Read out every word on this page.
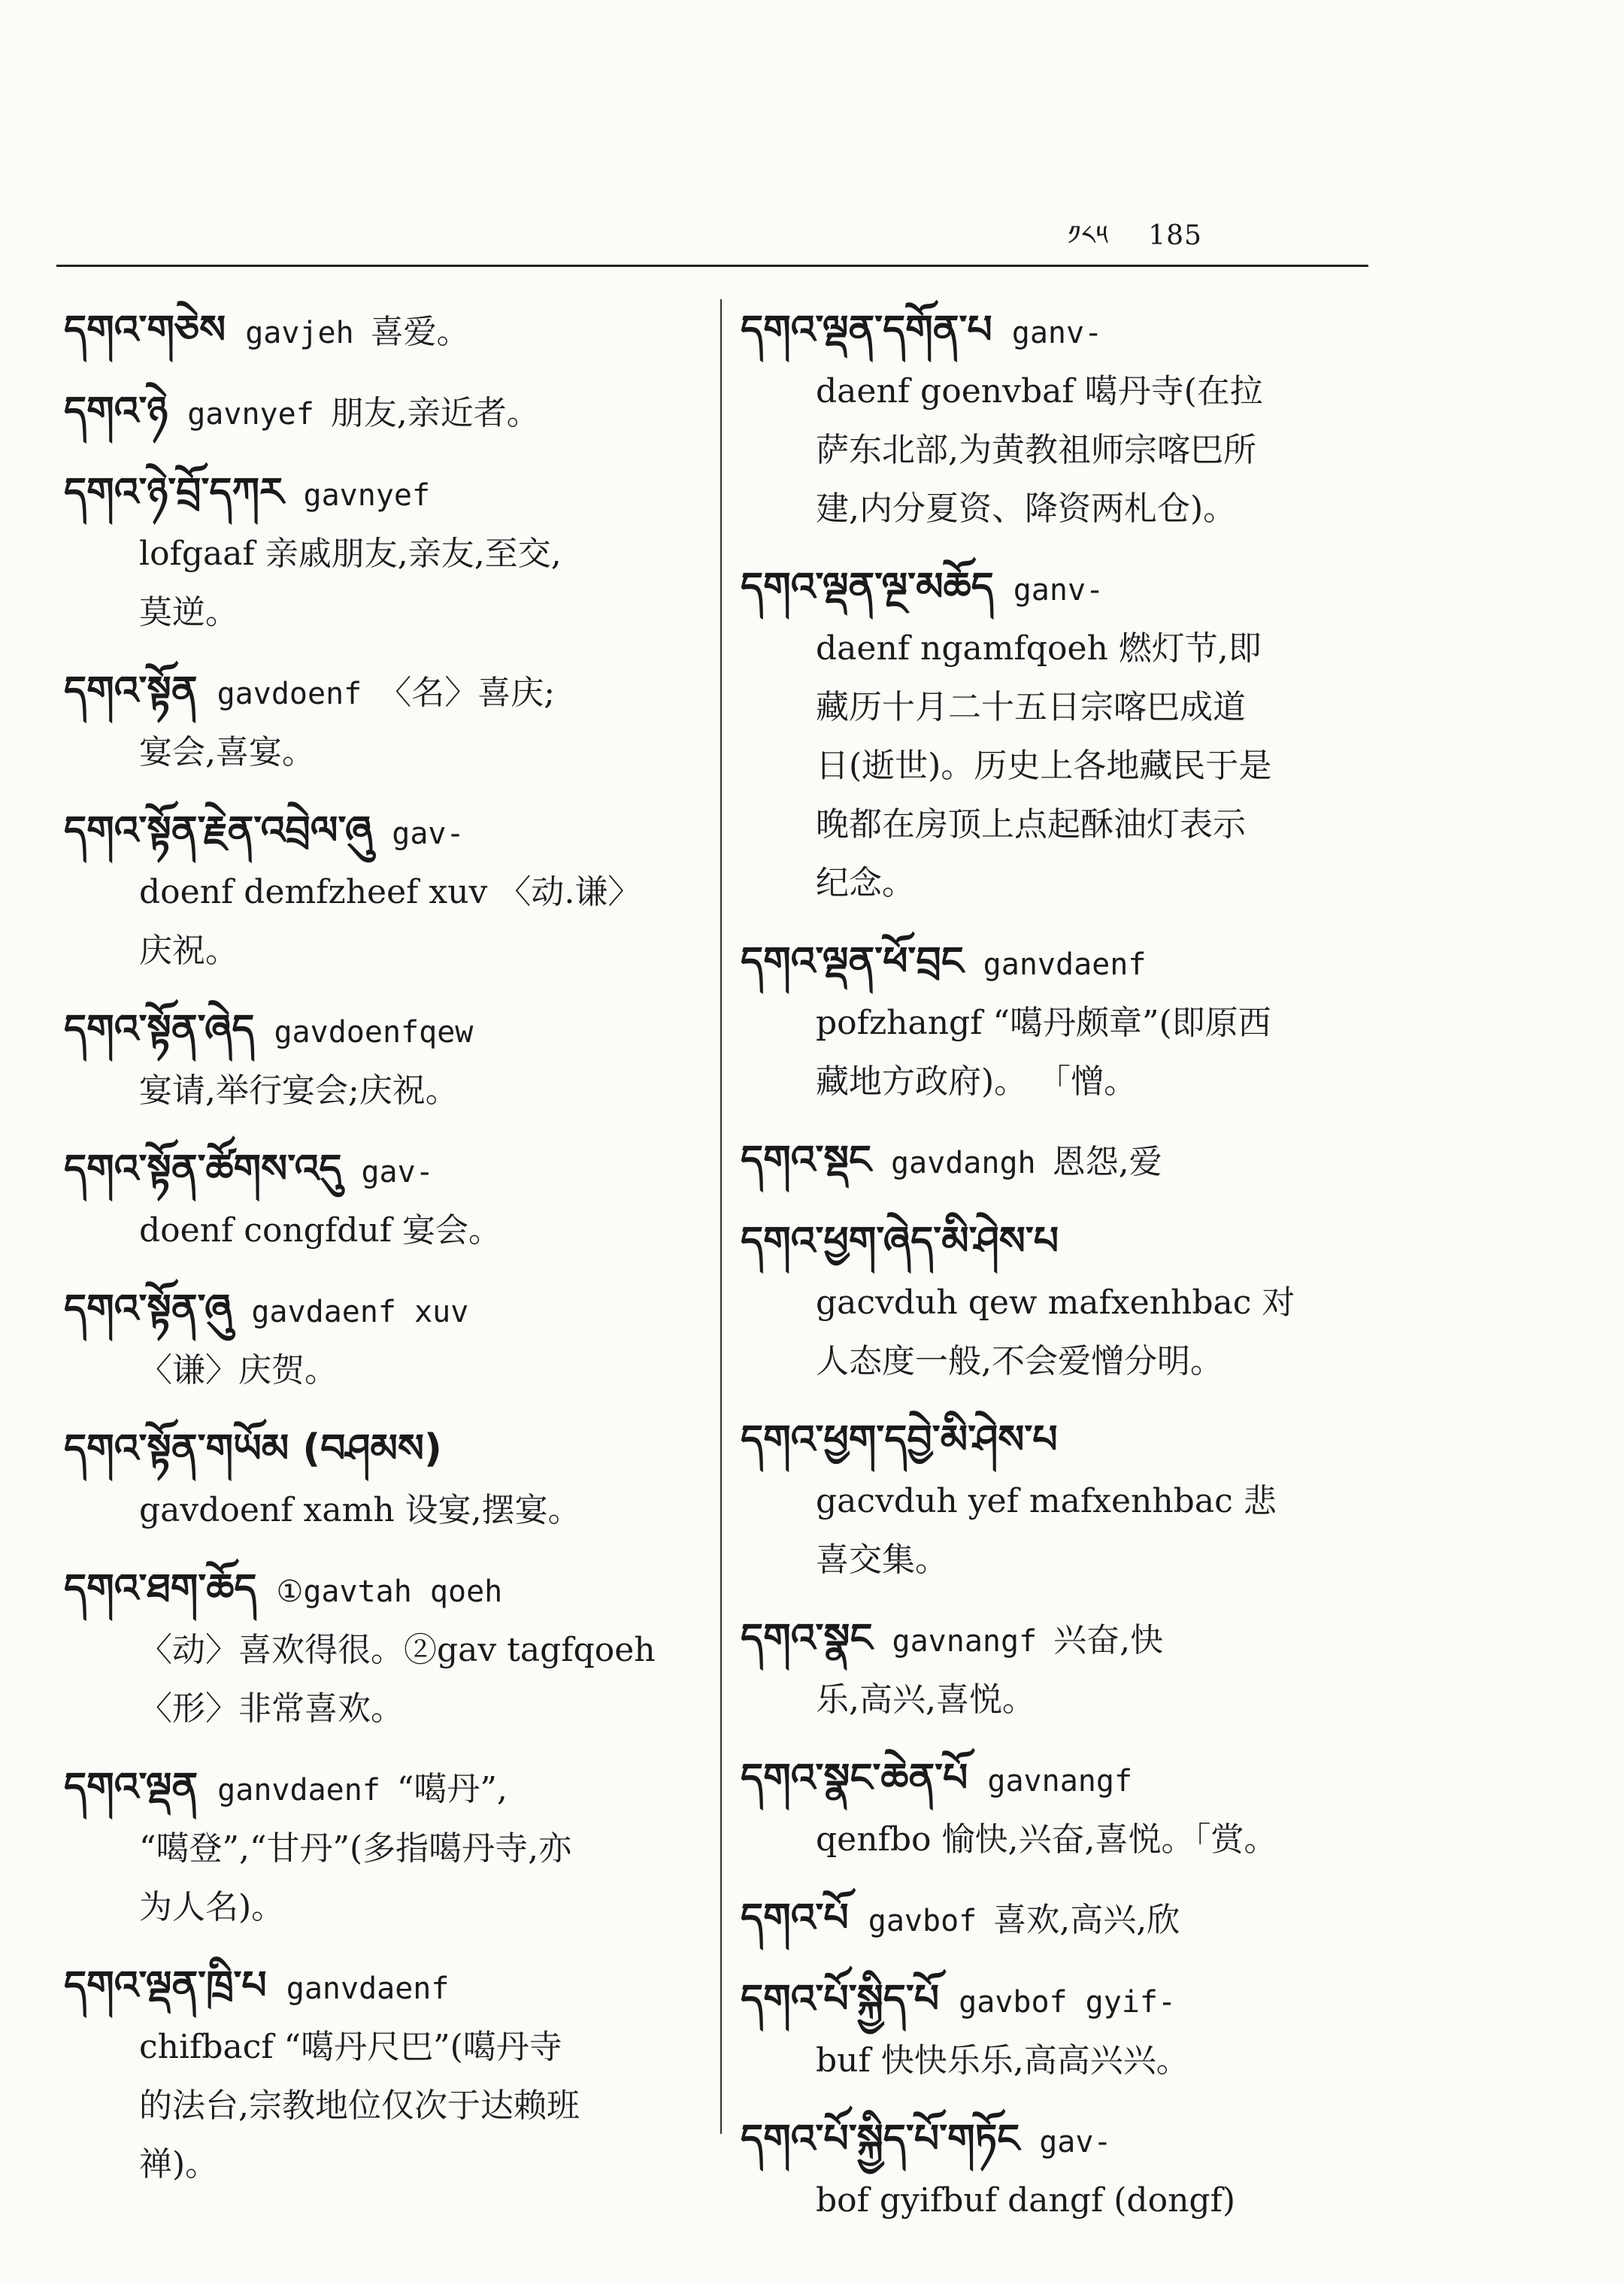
༡༨༥ 185
དགའ་གཅེས gavjeh 喜爱。
དགའ་ཉེ gavnyef 朋友,亲近者。
དགའ་ཉེ་བྲོ་དཀར gavnyef
lofgaaf 亲戚朋友,亲友,至交,
莫逆。
དགའ་སྟོན gavdoenf 〈名〉喜庆;
宴会,喜宴。
དགའ་སྟོན་རྗེན་འབྲེལ་ཞུ gav-
doenf demfzheef xuv 〈动.谦〉
庆祝。
དགའ་སྟོན་ཞེད gavdoenfqew
宴请,举行宴会;庆祝。
དགའ་སྟོན་ཚོགས་འདུ gav-
doenf congfduf 宴会。
དགའ་སྟོན་ཞུ gavdaenf xuv
〈谦〉庆贺。
དགའ་སྟོན་གཡོམ (བཤམས)
gavdoenf xamh 设宴,摆宴。
དགའ་ཐག་ཆོད ①gavtah qoeh
〈动〉喜欢得很。②gav tagfqoeh
〈形〉非常喜欢。
དགའ་ལྡན ganvdaenf “噶丹”,
“噶登”,“甘丹”(多指噶丹寺,亦
为人名)。
དགའ་ལྡན་ཁྲི་པ ganvdaenf
chifbacf “噶丹尺巴”(噶丹寺
的法台,宗教地位仅次于达赖班
禅)。
དགའ་ལྡན་དགོན་པ ganv-
daenf goenvbaf 噶丹寺(在拉
萨东北部,为黄教祖师宗喀巴所
建,内分夏资、降资两札仓)。
དགའ་ལྡན་ལྔ་མཆོད ganv-
daenf ngamfqoeh 燃灯节,即
藏历十月二十五日宗喀巴成道
日(逝世)。历史上各地藏民于是
晚都在房顶上点起酥油灯表示
纪念。
དགའ་ལྡན་ཕོ་བྲང ganvdaenf
pofzhangf “噶丹颇章”(即原西
藏地方政府)。 「憎。
དགའ་སྡང gavdangh 恩怨,爱
དགའ་ཕྱག་ཞེད་མི་ཤེས་པ
gacvduh qew mafxenhbac 对
人态度一般,不会爱憎分明。
དགའ་ཕྱག་དབྱེ་མི་ཤེས་པ
gacvduh yef mafxenhbac 悲
喜交集。
དགའ་སྣང gavnangf 兴奋,快
乐,高兴,喜悦。
དགའ་སྣང་ཆེན་པོ gavnangf
qenfbo 愉快,兴奋,喜悦。「赏。
དགའ་པོ gavbof 喜欢,高兴,欣
དགའ་པོ་སྐྱིད་པོ gavbof gyif-
buf 快快乐乐,高高兴兴。
དགའ་པོ་སྐྱིད་པོ་གཏོང gav-
bof gyifbuf dangf (dongf)
